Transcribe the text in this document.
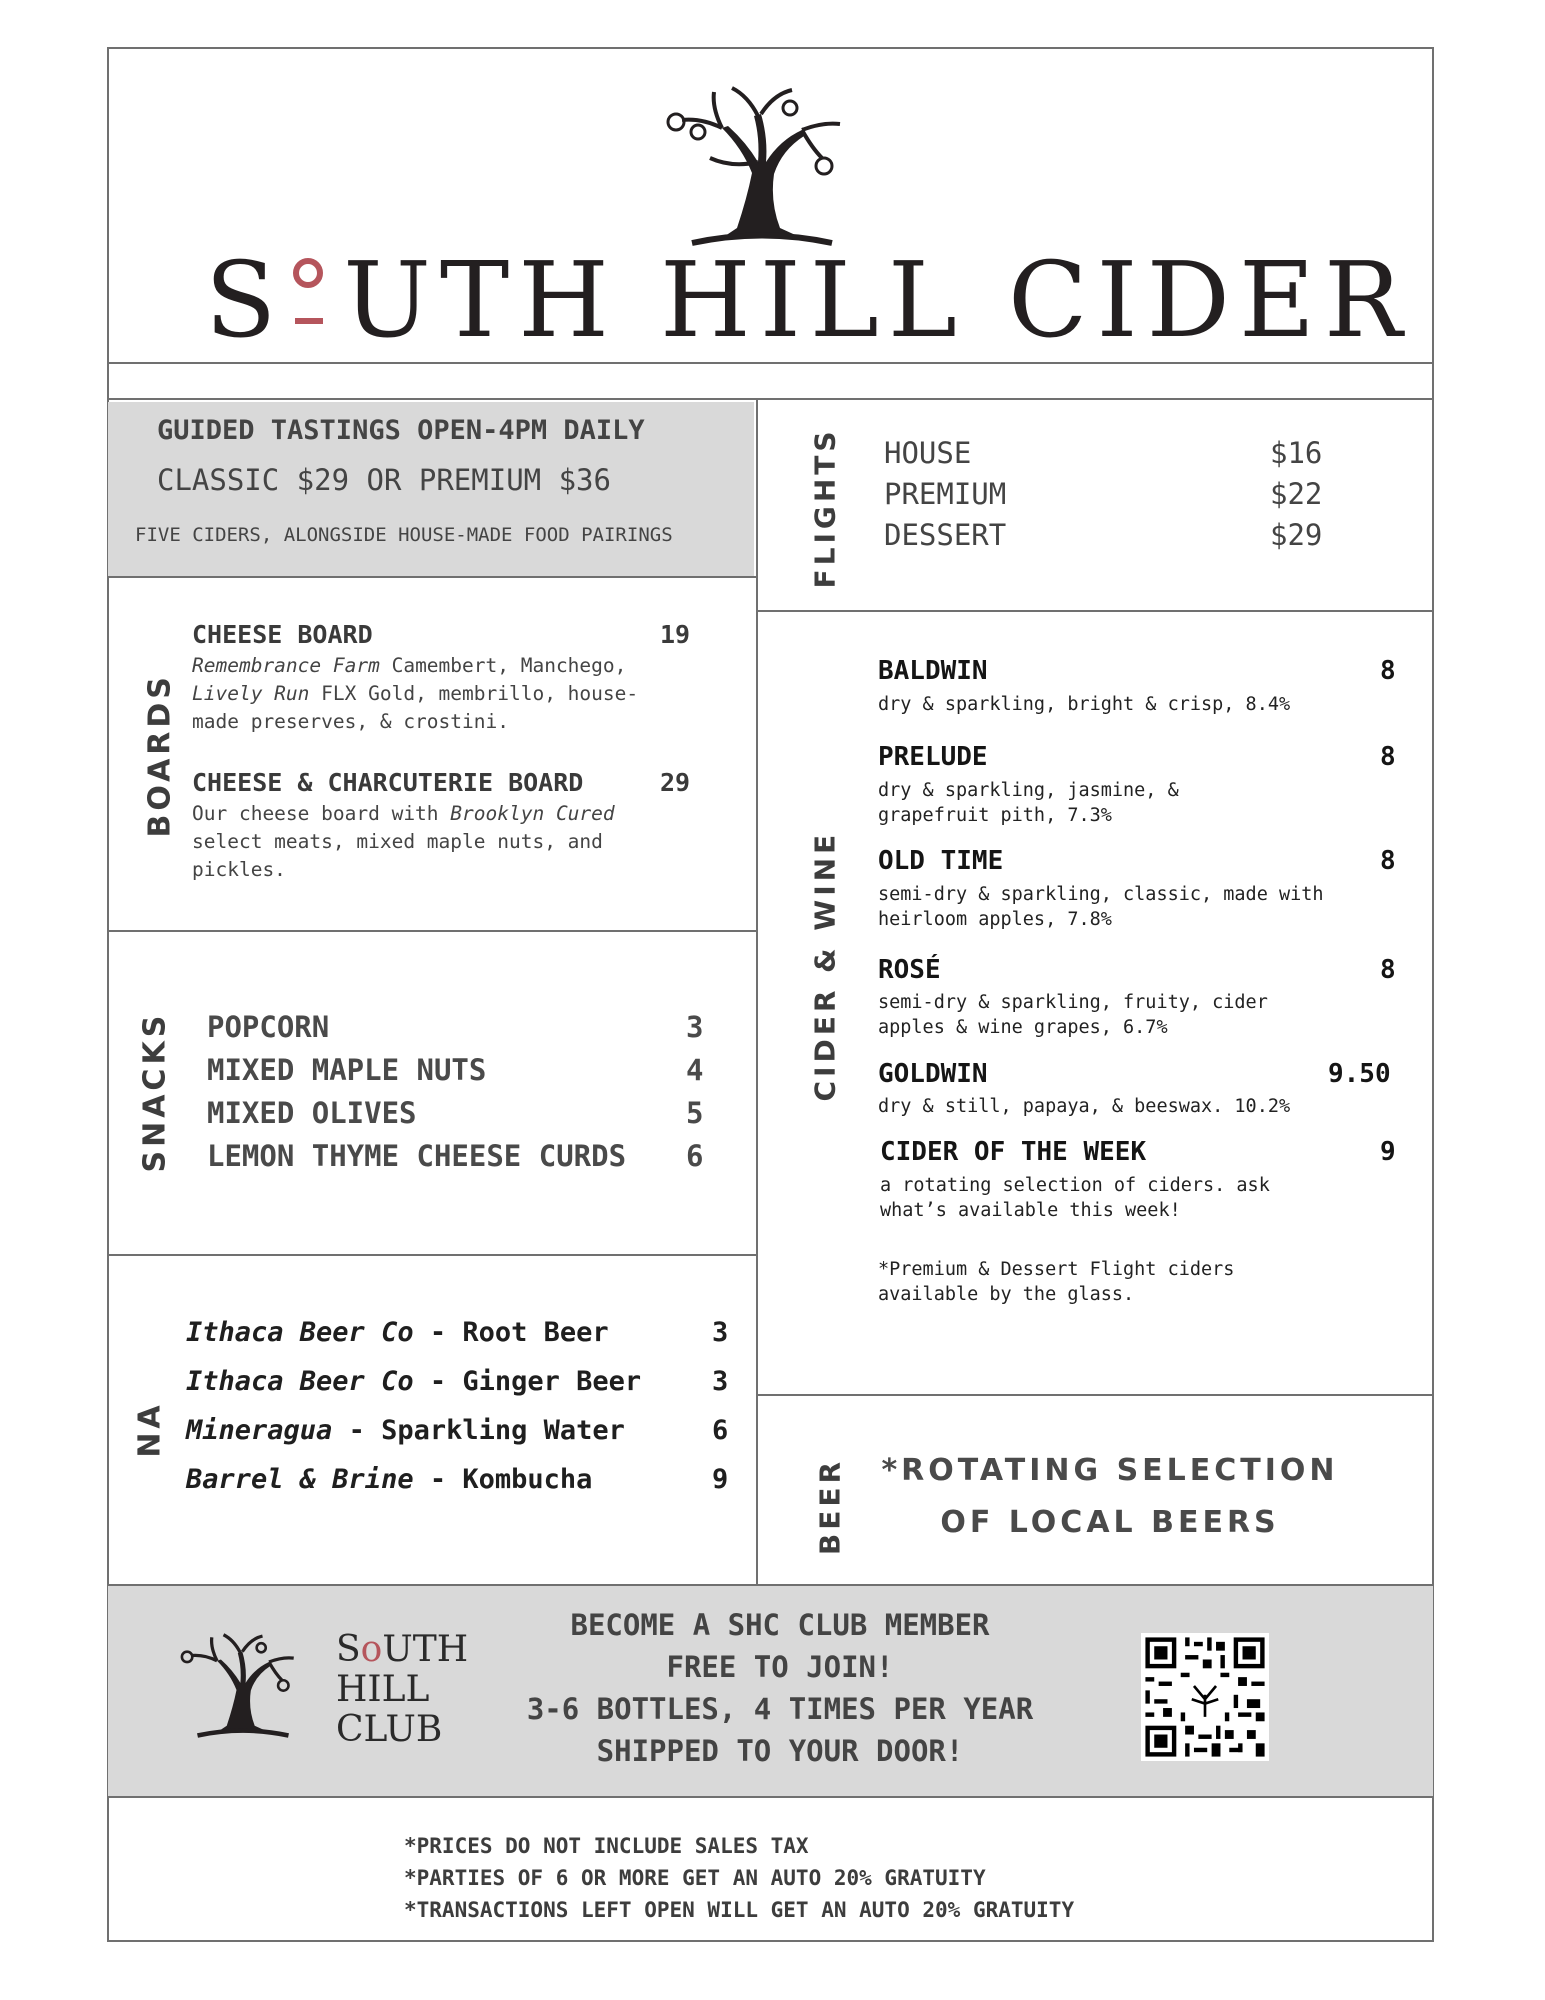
S UTH HILL CIDER
GUIDED TASTINGS OPEN-4PM DAILY
CLASSIC $29 OR PREMIUM $36
FIVE CIDERS, ALONGSIDE HOUSE-MADE FOOD PAIRINGS
BOARDS
CHEESE BOARD	19
Remembrance Farm Camembert, Manchego, Lively Run FLX Gold, membrillo, house-made preserves, & crostini.
CHEESE & CHARCUTERIE BOARD	29
Our cheese board with Brooklyn Cured select meats, mixed maple nuts, and pickles.
SNACKS POPCORN	3
MIXED MAPLE NUTS	4
MIXED OLIVES	5
LEMON THYME CHEESE CURDS 6
NA
Ithaca Beer Co - Root Beer	3
Ithaca Beer Co - Ginger Beer	3
Mineragua - Sparkling Water	6
Barrel & Brine - Kombucha	9
FLIGHTS HOUSE	$16
PREMIUM	$22
DESSERT	$29
CIDER & WINE
BALDWIN	8
dry & sparkling, bright & crisp, 8.4%
PRELUDE	8
dry & sparkling, jasmine, & grapefruit pith, 7.3%
OLD TIME	8
semi-dry & sparkling, classic, made with heirloom apples, 7.8%
ROSÉ	8
semi-dry & sparkling, fruity, cider apples & wine grapes, 6.7%
GOLDWIN	9.50
dry & still, papaya, & beeswax. 10.2%
CIDER OF THE WEEK	9
a rotating selection of ciders. ask what’s available this week!
*Premium & Dessert Flight ciders available by the glass.
BEER *ROTATING SELECTION
OF LOCAL BEERS
SoUTH
HILL
CLUB
BECOME A SHC CLUB MEMBER
FREE TO JOIN!
3-6 BOTTLES, 4 TIMES PER YEAR
SHIPPED TO YOUR DOOR!
*PRICES DO NOT INCLUDE SALES TAX
*PARTIES OF 6 OR MORE GET AN AUTO 20% GRATUITY
*TRANSACTIONS LEFT OPEN WILL GET AN AUTO 20% GRATUITY
